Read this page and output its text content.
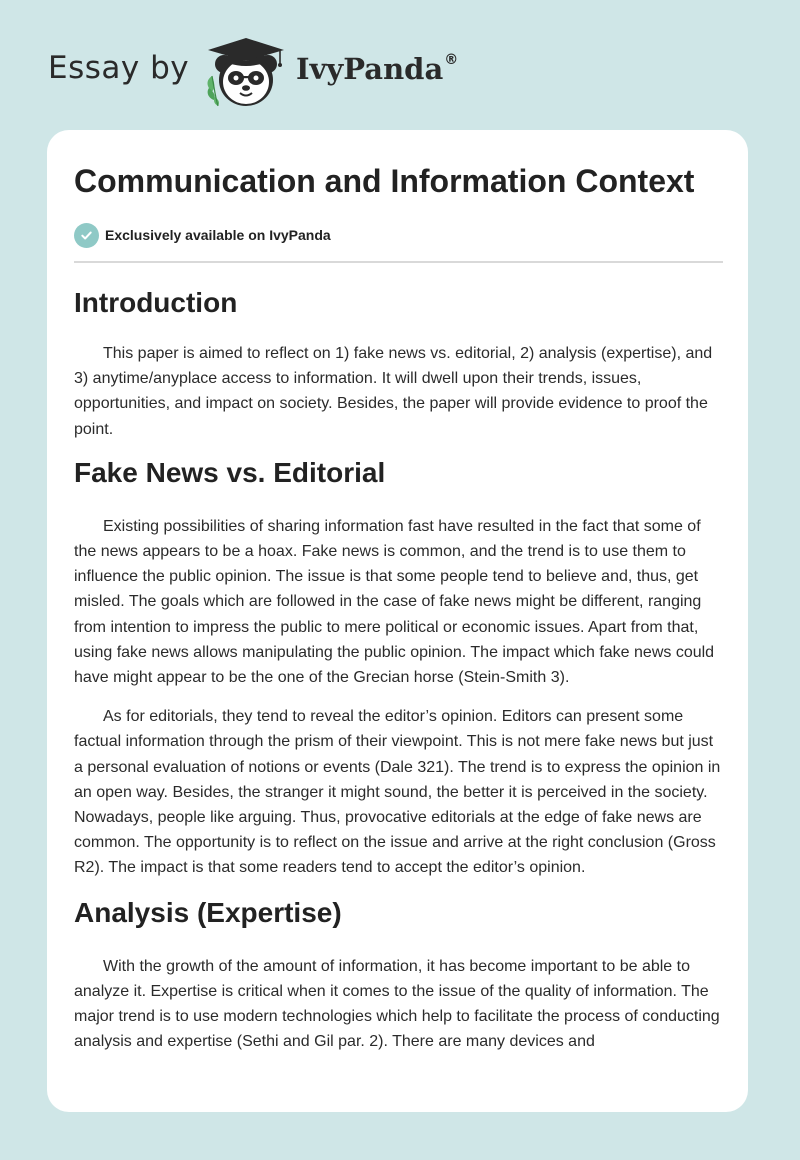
Essay by	IvyPanda®
Communication and Information Context
Exclusively available on IvyPanda
Introduction

This paper is aimed to reflect on 1) fake news vs. editorial, 2) analysis (expertise), and 3) anytime/anyplace access to information. It will dwell upon their trends, issues, opportunities, and impact on society. Besides, the paper will provide evidence to proof the point.

Fake News vs. Editorial

Existing possibilities of sharing information fast have resulted in the fact that some of the news appears to be a hoax. Fake news is common, and the trend is to use them to influence the public opinion. The issue is that some people tend to believe and, thus, get misled. The goals which are followed in the case of fake news might be different, ranging from intention to impress the public to mere political or economic issues. Apart from that, using fake news allows manipulating the public opinion. The impact which fake news could have might appear to be the one of the Grecian horse (Stein-Smith 3).

As for editorials, they tend to reveal the editor’s opinion. Editors can present some factual information through the prism of their viewpoint. This is not mere fake news but just a personal evaluation of notions or events (Dale 321). The trend is to express the opinion in an open way. Besides, the stranger it might sound, the better it is perceived in the society. Nowadays, people like arguing. Thus, provocative editorials at the edge of fake news are common. The opportunity is to reflect on the issue and arrive at the right conclusion (Gross R2). The impact is that some readers tend to accept the editor’s opinion.

Analysis (Expertise)

With the growth of the amount of information, it has become important to be able to analyze it. Expertise is critical when it comes to the issue of the quality of information. The major trend is to use modern technologies which help to facilitate the process of conducting analysis and expertise (Sethi and Gil par. 2). There are many devices and
